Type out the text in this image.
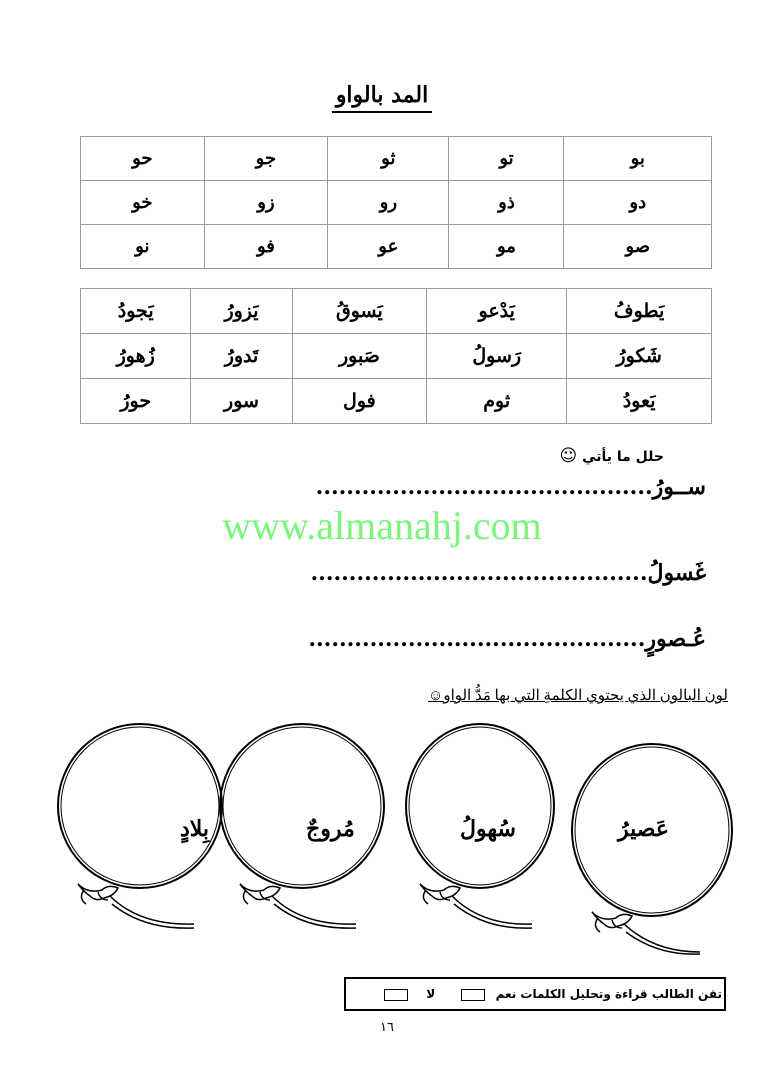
المد بالواو
بو	تو	ثو	جو	حو
دو	ذو	رو	زو	خو
صو	مو	عو	فو	نو
يَطوفُ	يَدْعو	يَسوقُ	يَزورُ	يَجودُ
شَكورُ	رَسولُ	صَبور	تَدورُ	زُهورُ
يَعودُ	ثوم	فول	سور	حورُ
حلل ما يأتي ☺
ســورُ............................................
www.almanahj.com
غَسولُ............................................
عُـصورٍ............................................
لون البالون الذي يحتوي الكلمةِ التي بها مَدُّ الواو☺
عَصيرُ
سُهولُ
مُروجٌ
بِلادٍ
تقن الطالب قراءة وتحليل الكلمات نعم  لا
١٦
